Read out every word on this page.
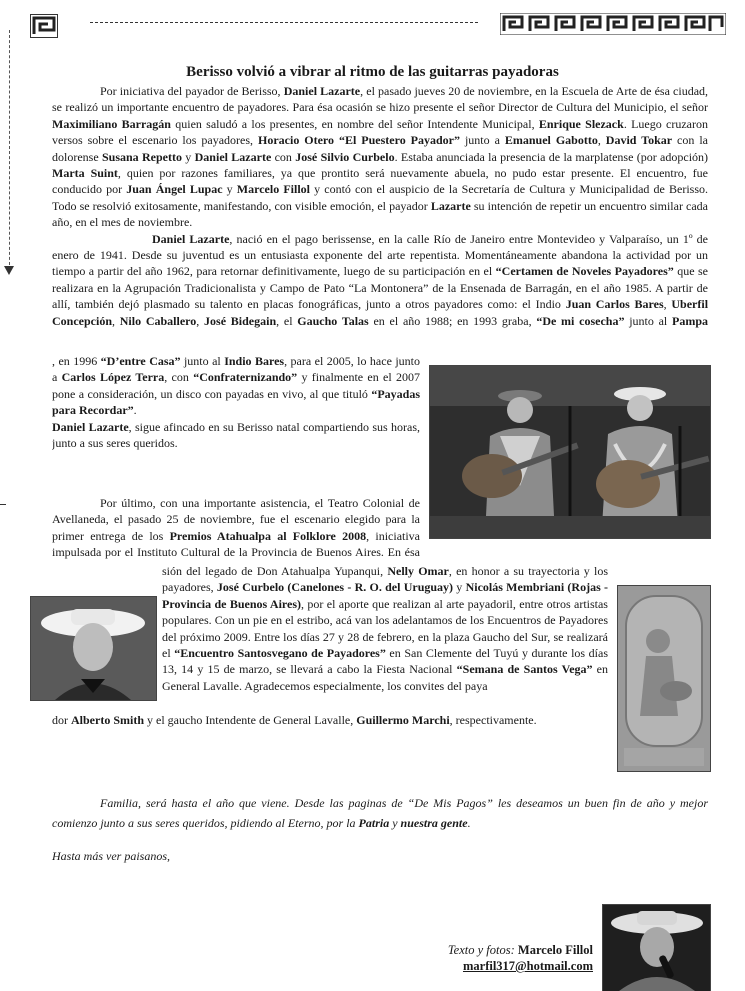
Berisso volvió a vibrar al ritmo de las guitarras payadoras

Por iniciativa del payador de Berisso, Daniel Lazarte, el pasado jueves 20 de noviembre, en la Escuela de Arte de ésa ciudad, se realizó un importante encuentro de payadores. Para ésa ocasión se hizo presente el señor Director de Cultura del Municipio, el señor Maximiliano Barragán quien saludó a los presentes, en nombre del señor Intendente Municipal, Enrique Slezack. Luego cruzaron versos sobre el escenario los payadores, Horacio Otero “El Puestero Payador” junto a Emanuel Gabotto, David Tokar con la dolorense Susana Repetto y Daniel Lazarte con José Silvio Curbelo. Estaba anunciada la presencia de la marplatense (por adopción) Marta Suint, quien por razones familiares, ya que prontito será nuevamente abuela, no pudo estar presente. El encuentro, fue conducido por Juan Ángel Lupac y Marcelo Fillol y contó con el auspicio de la Secretaría de Cultura y Municipalidad de Berisso. Todo se resolvió exitosamente, manifestando, con visible emoción, el payador Lazarte su intención de repetir un encuentro similar cada año, en el mes de noviembre.

Daniel Lazarte, nació en el pago berissense, en la calle Río de Janeiro entre Montevideo y Valparaíso, un 1º de enero de 1941. Desde su juventud es un entusiasta exponente del arte repentista. Momentáneamente abandona la actividad por un tiempo a partir del año 1962, para retornar definitivamente, luego de su participación en el “Certamen de Noveles Payadores” que se realizara en la Agrupación Tradicionalista y Campo de Pato “La Montonera” de la Ensenada de Barragán, en el año 1985. A partir de allí, también dejó plasmado su talento en placas fonográficas, junto a otros payadores como: el Indio Juan Carlos Bares, Uberfil Concepción, Nilo Caballero, José Bidegain, el Gaucho Talas en el año 1988; en 1993 graba, “De mi cosecha” junto al Pampa

, en 1996 “D’entre Casa” junto al Indio Bares, para el 2005, lo hace junto a Carlos López Terra, con “Confraternizando” y finalmente en el 2007 pone a consideración, un disco con payadas en vivo, al que tituló “Payadas para Recordar”.

Daniel Lazarte, sigue afincado en su Berisso natal compartiendo sus horas, junto a sus seres queridos.

Por último, con una importante asistencia, el Teatro Colonial de Avellaneda, el pasado 25 de noviembre, fue el escenario elegido para la primer entrega de los Premios Atahualpa al Folklore 2008, iniciativa impulsada por el Instituto Cultural de la Provincia de Buenos Aires. En ésa

sión del legado de Don Atahualpa Yupanqui, Nelly Omar, en honor a su trayectoria y los payadores, José Curbelo (Canelones - R. O. del Uruguay) y Nicolás Membriani (Rojas - Provincia de Buenos Aires), por el aporte que realizan al arte payadoril, entre otros artistas populares. Con un pie en el estribo, acá van los adelantamos de los Encuentros de Payadores del próximo 2009. Entre los días 27 y 28 de febrero, en la plaza Gaucho del Sur, se realizará el “Encuentro Santosvegano de Payadores” en San Clemente del Tuyú y durante los días 13, 14 y 15 de marzo, se llevará a cabo la Fiesta Nacional “Semana de Santos Vega” en General Lavalle. Agradecemos especialmente, los convites del paya

dor Alberto Smith y el gaucho Intendente de General Lavalle, Guillermo Marchi, respectivamente.

Familia, será hasta el año que viene. Desde las paginas de “De Mis Pagos” les deseamos un buen fin de año y mejor comienzo junto a sus seres queridos, pidiendo al Eterno, por la Patria y nuestra gente.

Hasta más ver paisanos,
Texto y fotos: Marcelo Fillol
marfil317@hotmail.com
